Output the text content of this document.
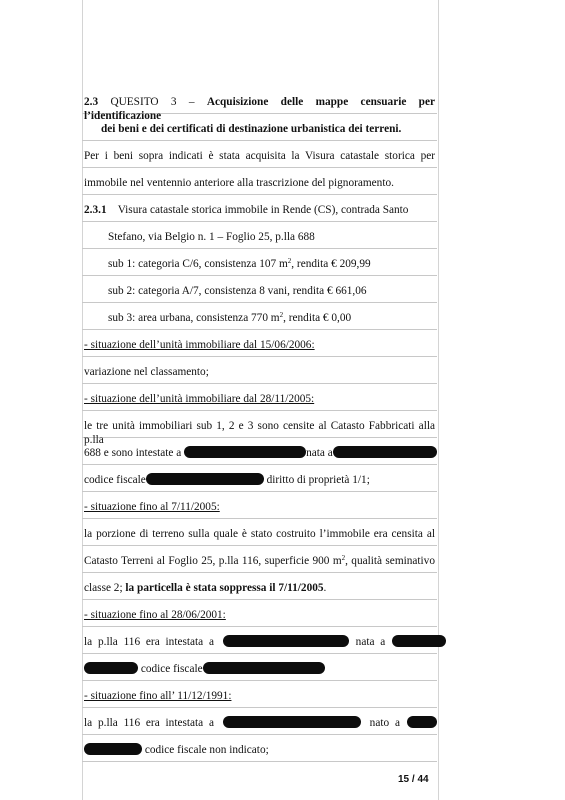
2.3 QUESITO 3 – Acquisizione delle mappe censuarie per l’identificazione
dei beni e dei certificati di destinazione urbanistica dei terreni.
Per i beni sopra indicati è stata acquisita la Visura catastale storica per
immobile nel ventennio anteriore alla trascrizione del pignoramento.
2.3.1 Visura catastale storica immobile in Rende (CS), contrada Santo
Stefano, via Belgio n. 1 – Foglio 25, p.lla 688
sub 1: categoria C/6, consistenza 107 $m^2$, rendita € 209,99
sub 2: categoria A/7, consistenza 8 vani, rendita € 661,06
sub 3: area urbana, consistenza 770 $m^2$, rendita € 0,00
- situazione dell’unità immobiliare dal 15/06/2006:
variazione nel classamento;
- situazione dell’unità immobiliare dal 28/11/2005:
le tre unità immobiliari sub 1, 2 e 3 sono censite al Catasto Fabbricati alla p.lla
688 e sono intestate a	nata a
codice fiscale	diritto di proprietà 1/1;
- situazione fino al 7/11/2005:
la porzione di terreno sulla quale è stato costruito l’immobile era censita al
Catasto Terreni al Foglio 25, p.lla 116, superficie 900 $m^2$, qualità seminativo
classe 2; la particella è stata soppressa il 7/11/2005.
- situazione fino al 28/06/2001:
la p.lla 116 era intestata a	nata a
codice fiscale
- situazione fino all’ 11/12/1991:
la p.lla 116 era intestata a	nato a
codice fiscale non indicato;
15 / 44
